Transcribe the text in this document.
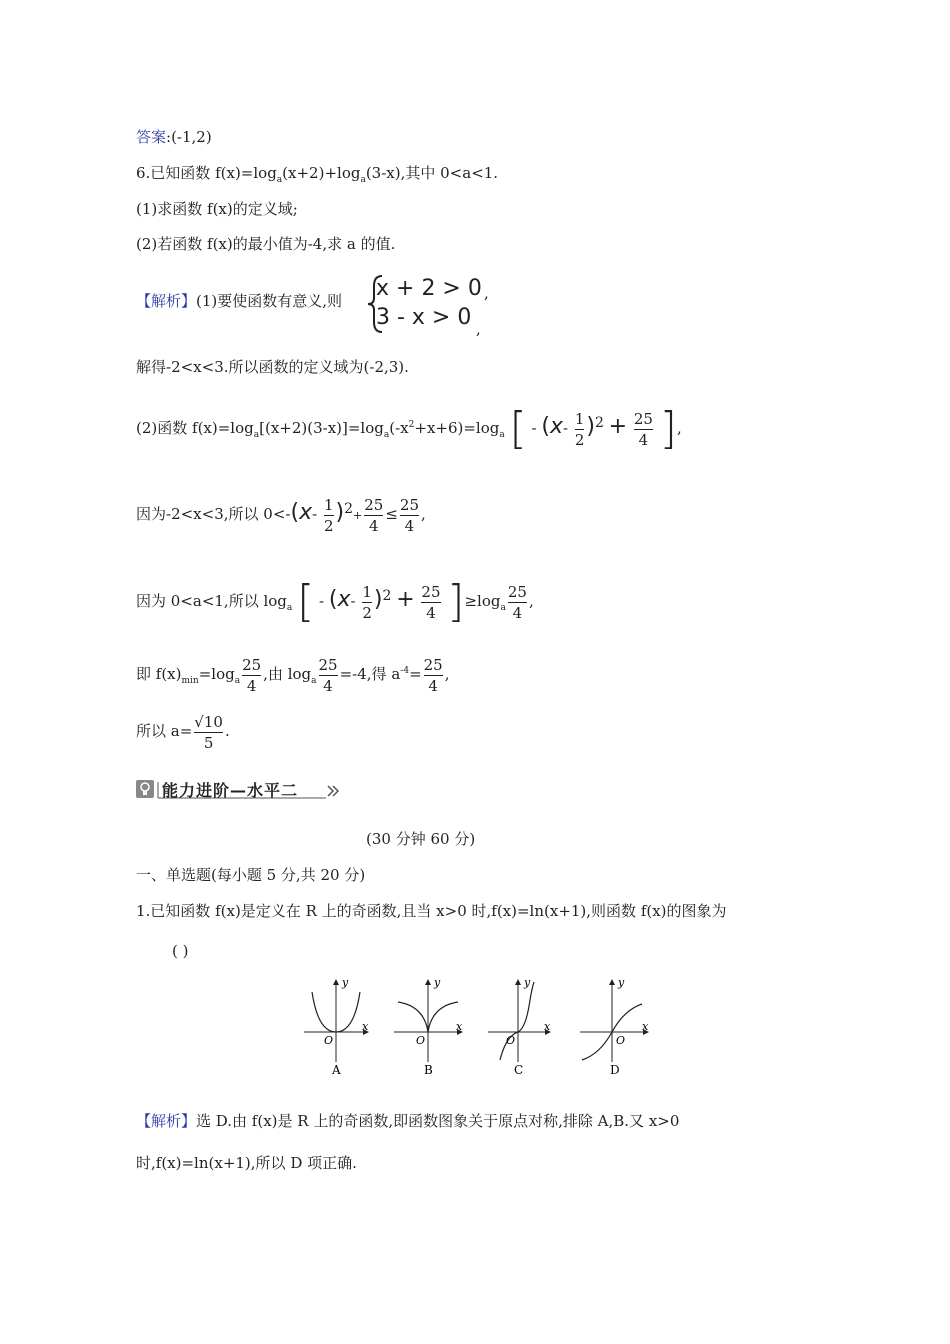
答案:(-1,2)
6.已知函数 $f(x)=\log_a(x+2)+\log_a(3-x)$,其中 0<a<1.
(1)求函数 f(x)的定义域;
(2)若函数 f(x)的最小值为-4,求 a 的值.
【解析】(1)要使函数有意义,则 x + 2 > 0 ,
3 - x > 0 ,
解得-2<x<3.所以函数的定义域为(-2,3).
(2)函数 $f(x)=\log_a[(x+2)(3-x)]=\log_a(-x^2+x+6)=\log_a$ [ - $(x- \frac{1}{2} )^2 + \frac{25}{4}$ ],
因为-2<x<3,所以 $0<-(x- \frac{1}{2} )^2+ \frac{25}{4} \le \frac{25}{4}$ ,
因为 0<a<1,所以 $\log_a$ [ - $(x- \frac{1}{2} )^2 + \frac{25}{4} ]\ge\log_a \frac{25}{4}$ ,
即 $f(x)_{min}=\log_a \frac{25}{4}$ ,由 $\log_a \frac{25}{4} =-4$,得 $a^{-4}= \frac{25}{4}$ ,
所以 $a= \frac{√10}{5}$ .
能力进阶—水平二
(30 分钟 60 分)
一、单选题(每小题 5 分,共 20 分)
1.已知函数 f(x)是定义在 R 上的奇函数,且当 x>0 时,f(x)=ln(x+1),则函数 f(x)的图象为
( )
y
x
O
A
y
x
O
B
y
x
O
C
y
x
O
D
【解析】选 D.由 f(x)是 R 上的奇函数,即函数图象关于原点对称,排除 A,B.又 x>0
时,f(x)=ln(x+1),所以 D 项正确.
